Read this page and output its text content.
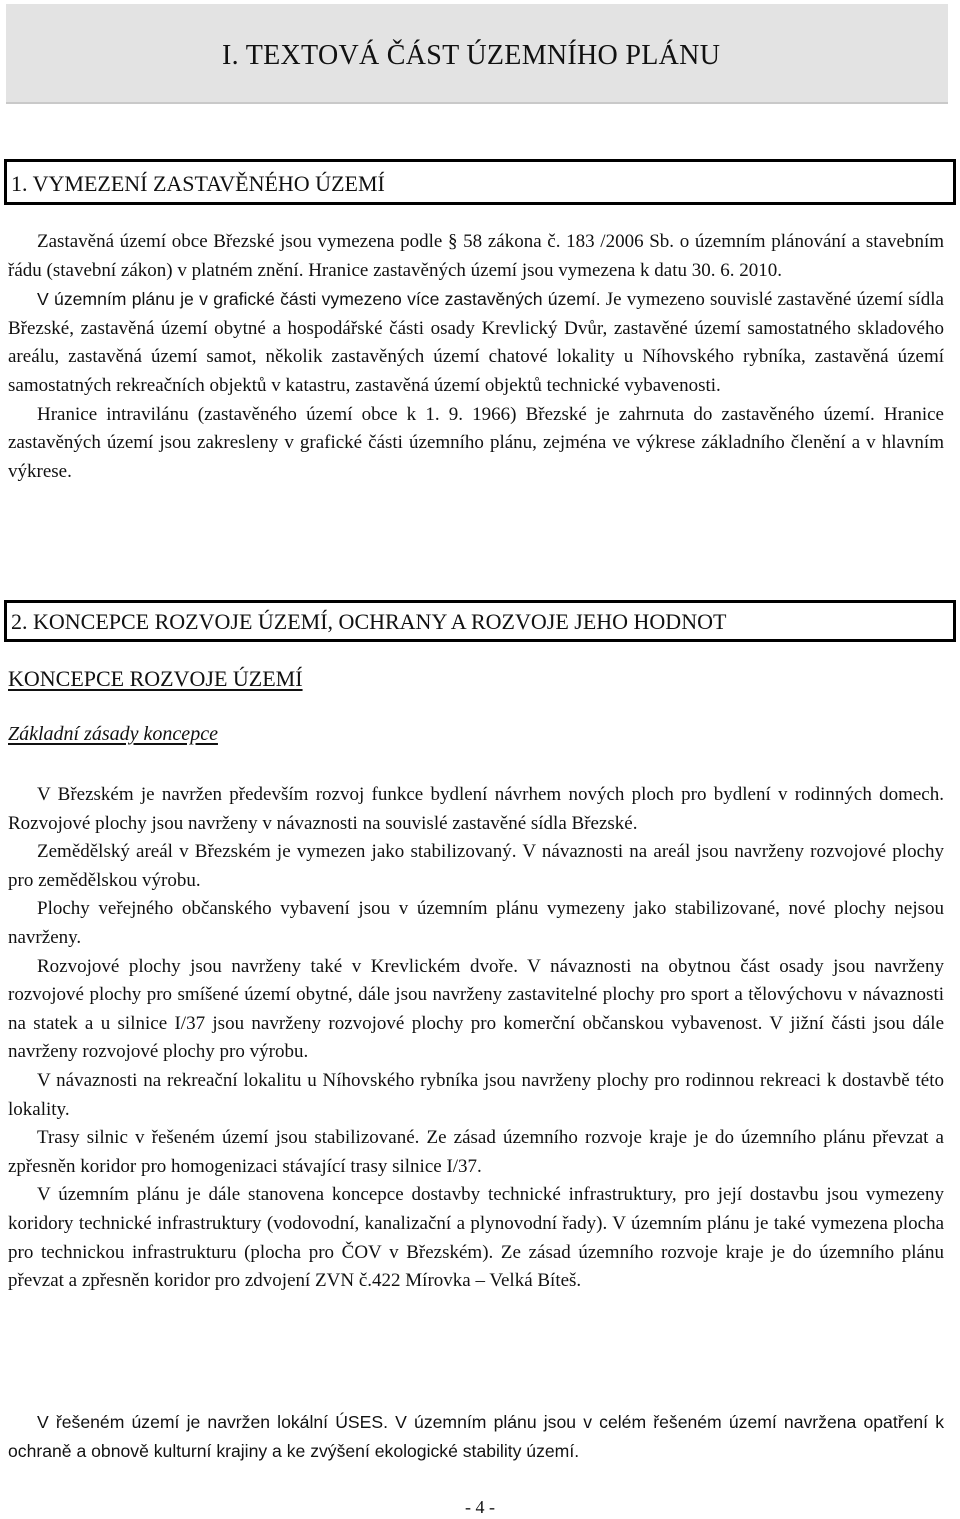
I. TEXTOVÁ ČÁST ÚZEMNÍHO PLÁNU
1. VYMEZENÍ ZASTAVĚNÉHO ÚZEMÍ

Zastavěná území obce Březské jsou vymezena podle § 58 zákona č. 183 /2006 Sb. o územním plánování a stavebním řádu (stavební zákon) v platném znění. Hranice zastavěných území jsou vymezena k datu 30. 6. 2010.

V územním plánu je v grafické části vymezeno více zastavěných území. Je vymezeno souvislé zastavěné území sídla Březské, zastavěná území obytné a hospodářské části osady Krevlický Dvůr, zastavěné území samostatného skladového areálu, zastavěná území samot, několik zastavěných území chatové lokality u Níhovského rybníka, zastavěná území samostatných rekreačních objektů v katastru, zastavěná území objektů technické vybavenosti.

Hranice intravilánu (zastavěného území obce k 1. 9. 1966) Březské je zahrnuta do zastavěného území. Hranice zastavěných území jsou zakresleny v grafické části územního plánu, zejména ve výkrese základního členění a v hlavním výkrese.

2. KONCEPCE ROZVOJE ÚZEMÍ, OCHRANY A ROZVOJE JEHO HODNOT
KONCEPCE ROZVOJE ÚZEMÍ
Základní zásady koncepce

V Březském je navržen především rozvoj funkce bydlení návrhem nových ploch pro bydlení v rodinných domech. Rozvojové plochy jsou navrženy v návaznosti na souvislé zastavěné sídla Březské.

Zemědělský areál v Březském je vymezen jako stabilizovaný. V návaznosti na areál jsou navrženy rozvojové plochy pro zemědělskou výrobu.

Plochy veřejného občanského vybavení jsou v územním plánu vymezeny jako stabilizované, nové plochy nejsou navrženy.

Rozvojové plochy jsou navrženy také v Krevlickém dvoře. V návaznosti na obytnou část osady jsou navrženy rozvojové plochy pro smíšené území obytné, dále jsou navrženy zastavitelné plochy pro sport a tělovýchovu v návaznosti na statek a u silnice I/37 jsou navrženy rozvojové plochy pro komerční občanskou vybavenost. V jižní části jsou dále navrženy rozvojové plochy pro výrobu.

V návaznosti na rekreační lokalitu u Níhovského rybníka jsou navrženy plochy pro rodinnou rekreaci k dostavbě této lokality.

Trasy silnic v řešeném území jsou stabilizované. Ze zásad územního rozvoje kraje je do územního plánu převzat a zpřesněn koridor pro homogenizaci stávající trasy silnice I/37.

V územním plánu je dále stanovena koncepce dostavby technické infrastruktury, pro její dostavbu jsou vymezeny koridory technické infrastruktury (vodovodní, kanalizační a plynovodní řady). V územním plánu je také vymezena plocha pro technickou infrastrukturu (plocha pro ČOV v Březském). Ze zásad územního rozvoje kraje je do územního plánu převzat a zpřesněn koridor pro zdvojení ZVN č.422 Mírovka – Velká Bíteš.

V řešeném území je navržen lokální ÚSES. V územním plánu jsou v celém řešeném území navržena opatření k ochraně a obnově kulturní krajiny a ke zvýšení ekologické stability území.

- 4 -
